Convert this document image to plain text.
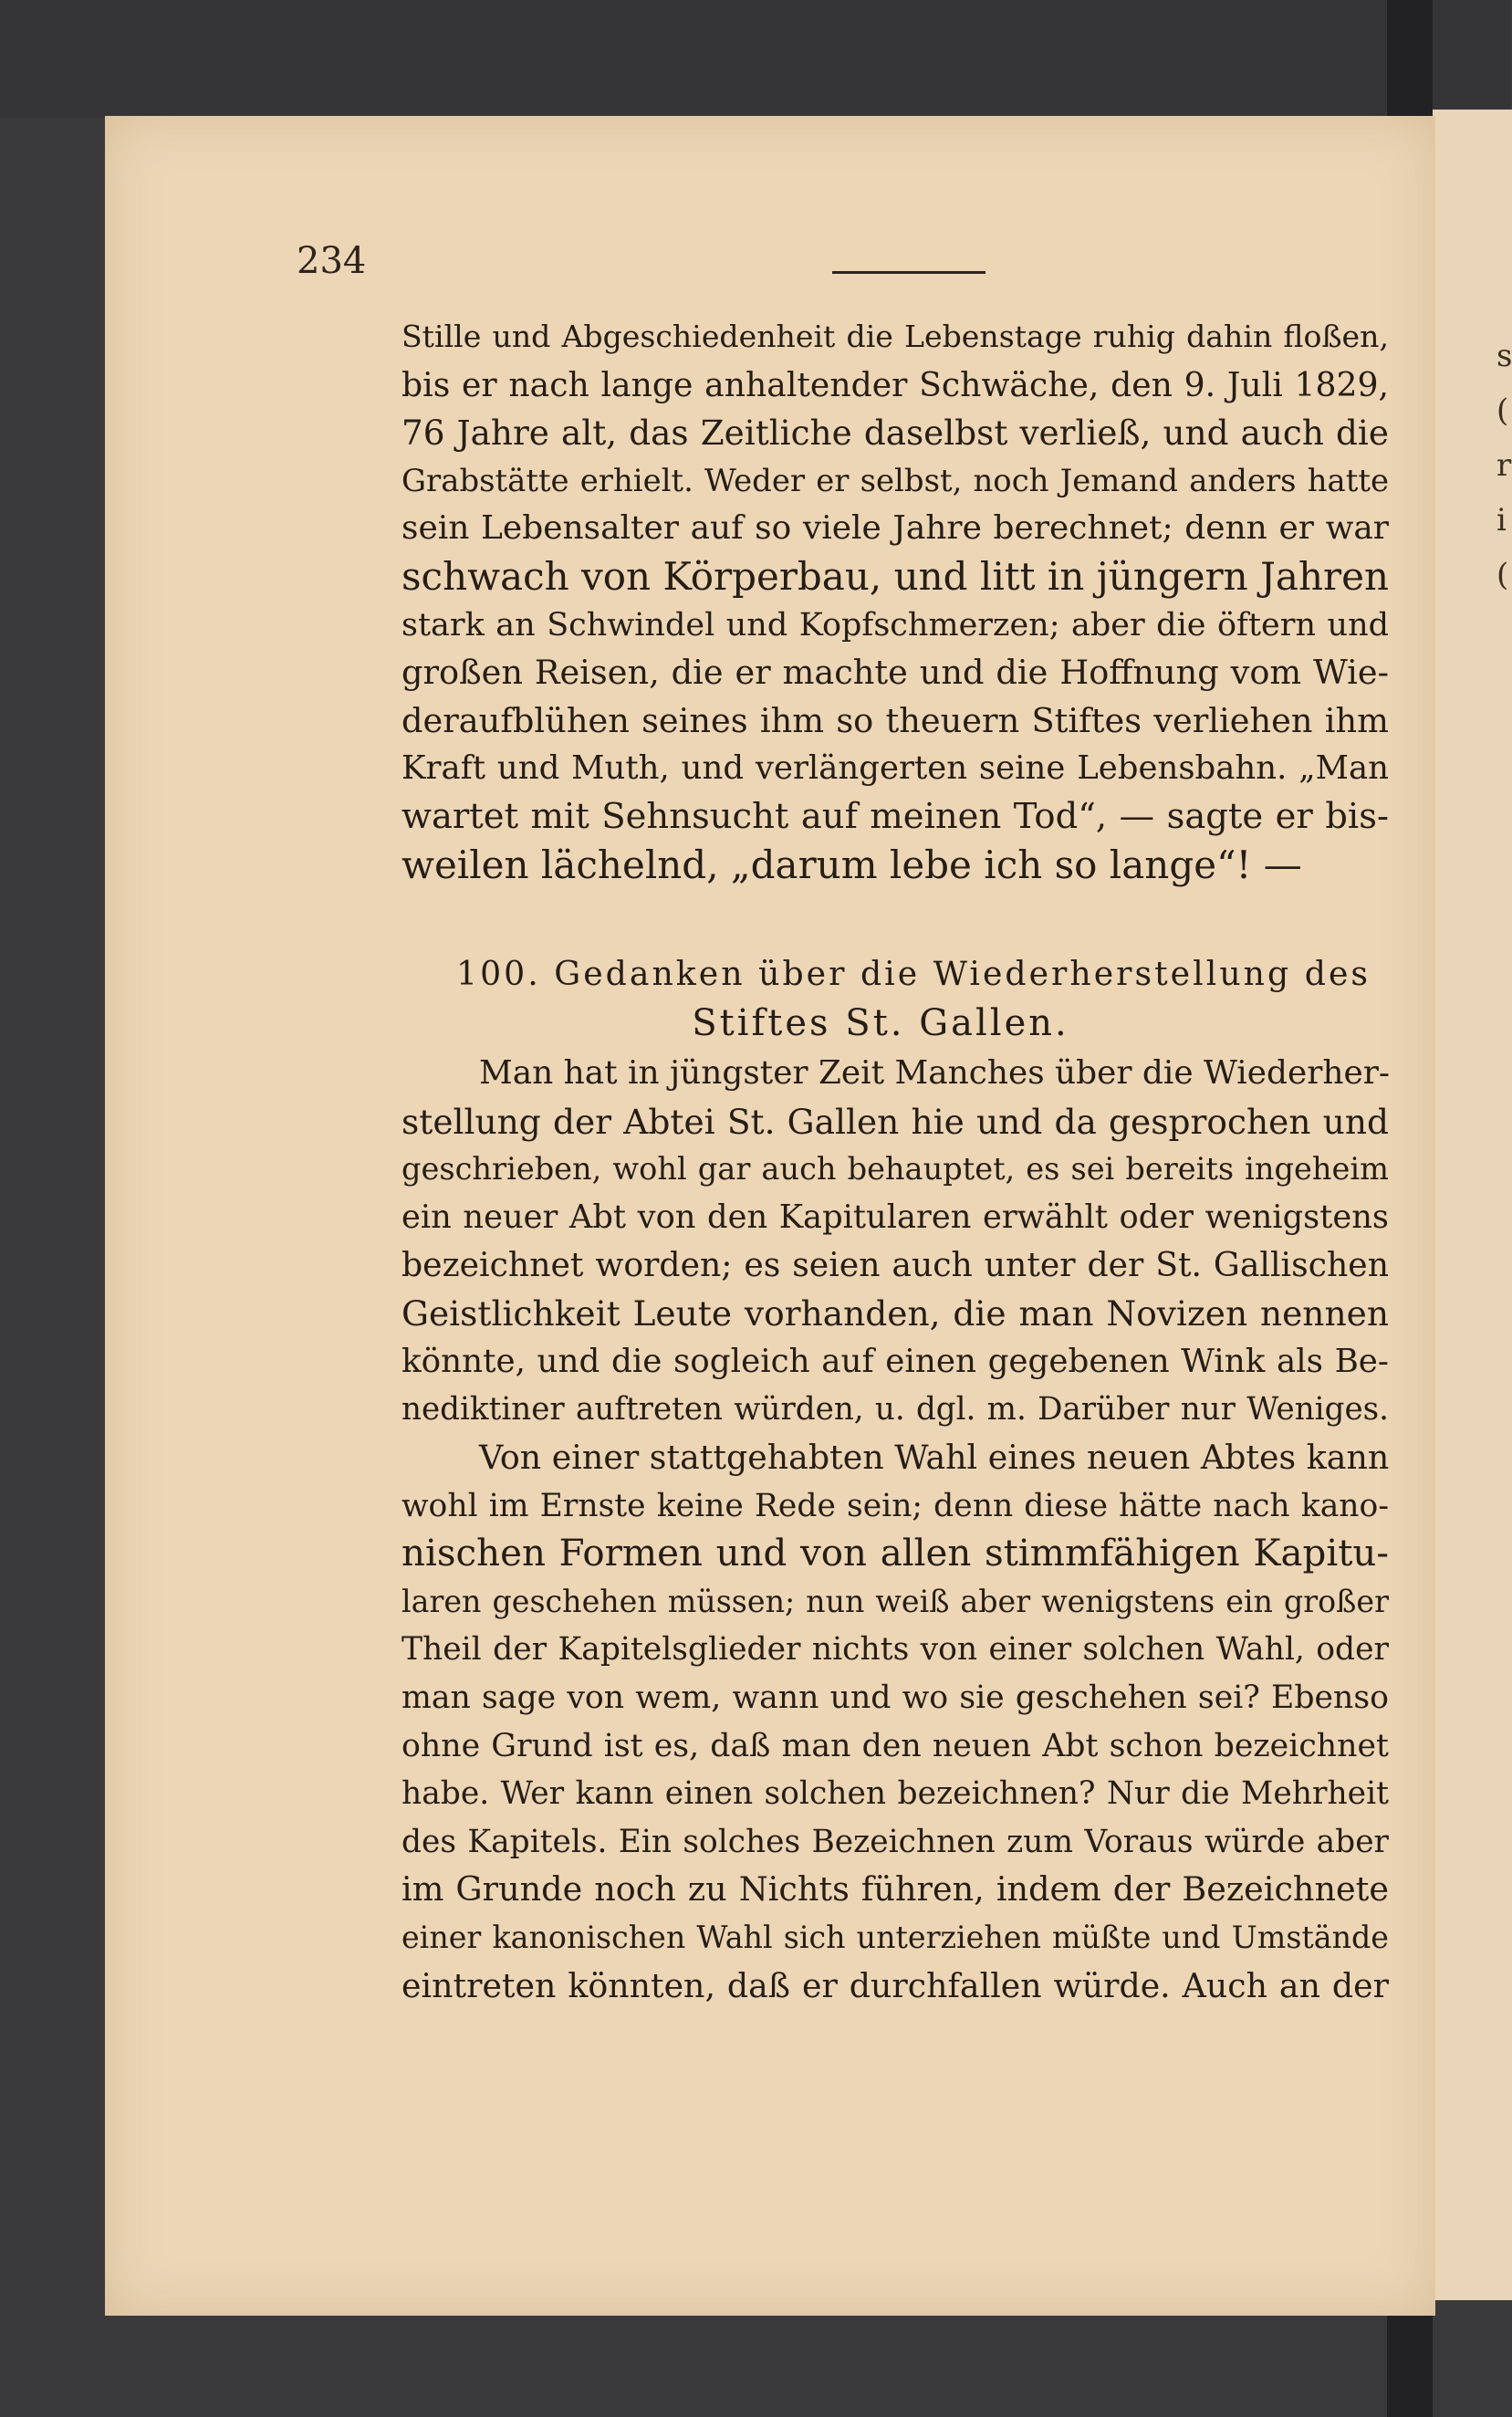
s
(
r
i
(
234
Stille und Abgeschiedenheit die Lebenstage ruhig dahin floßen,
bis er nach lange anhaltender Schwäche, den 9. Juli 1829,
76 Jahre alt, das Zeitliche daselbst verließ, und auch die
Grabstätte erhielt. Weder er selbst, noch Jemand anders hatte
sein Lebensalter auf so viele Jahre berechnet; denn er war
schwach von Körperbau, und litt in jüngern Jahren
stark an Schwindel und Kopfschmerzen; aber die öftern und
großen Reisen, die er machte und die Hoffnung vom Wie-
deraufblühen seines ihm so theuern Stiftes verliehen ihm
Kraft und Muth, und verlängerten seine Lebensbahn. „Man
wartet mit Sehnsucht auf meinen Tod“, — sagte er bis-
weilen lächelnd, „darum lebe ich so lange“! —
100. Gedanken über die Wiederherstellung des
Stiftes St. Gallen.
Man hat in jüngster Zeit Manches über die Wiederher-
stellung der Abtei St. Gallen hie und da gesprochen und
geschrieben, wohl gar auch behauptet, es sei bereits ingeheim
ein neuer Abt von den Kapitularen erwählt oder wenigstens
bezeichnet worden; es seien auch unter der St. Gallischen
Geistlichkeit Leute vorhanden, die man Novizen nennen
könnte, und die sogleich auf einen gegebenen Wink als Be-
nediktiner auftreten würden, u. dgl. m. Darüber nur Weniges.
Von einer stattgehabten Wahl eines neuen Abtes kann
wohl im Ernste keine Rede sein; denn diese hätte nach kano-
nischen Formen und von allen stimmfähigen Kapitu-
laren geschehen müssen; nun weiß aber wenigstens ein großer
Theil der Kapitelsglieder nichts von einer solchen Wahl, oder
man sage von wem, wann und wo sie geschehen sei? Ebenso
ohne Grund ist es, daß man den neuen Abt schon bezeichnet
habe. Wer kann einen solchen bezeichnen? Nur die Mehrheit
des Kapitels. Ein solches Bezeichnen zum Voraus würde aber
im Grunde noch zu Nichts führen, indem der Bezeichnete
einer kanonischen Wahl sich unterziehen müßte und Umstände
eintreten könnten, daß er durchfallen würde. Auch an der
